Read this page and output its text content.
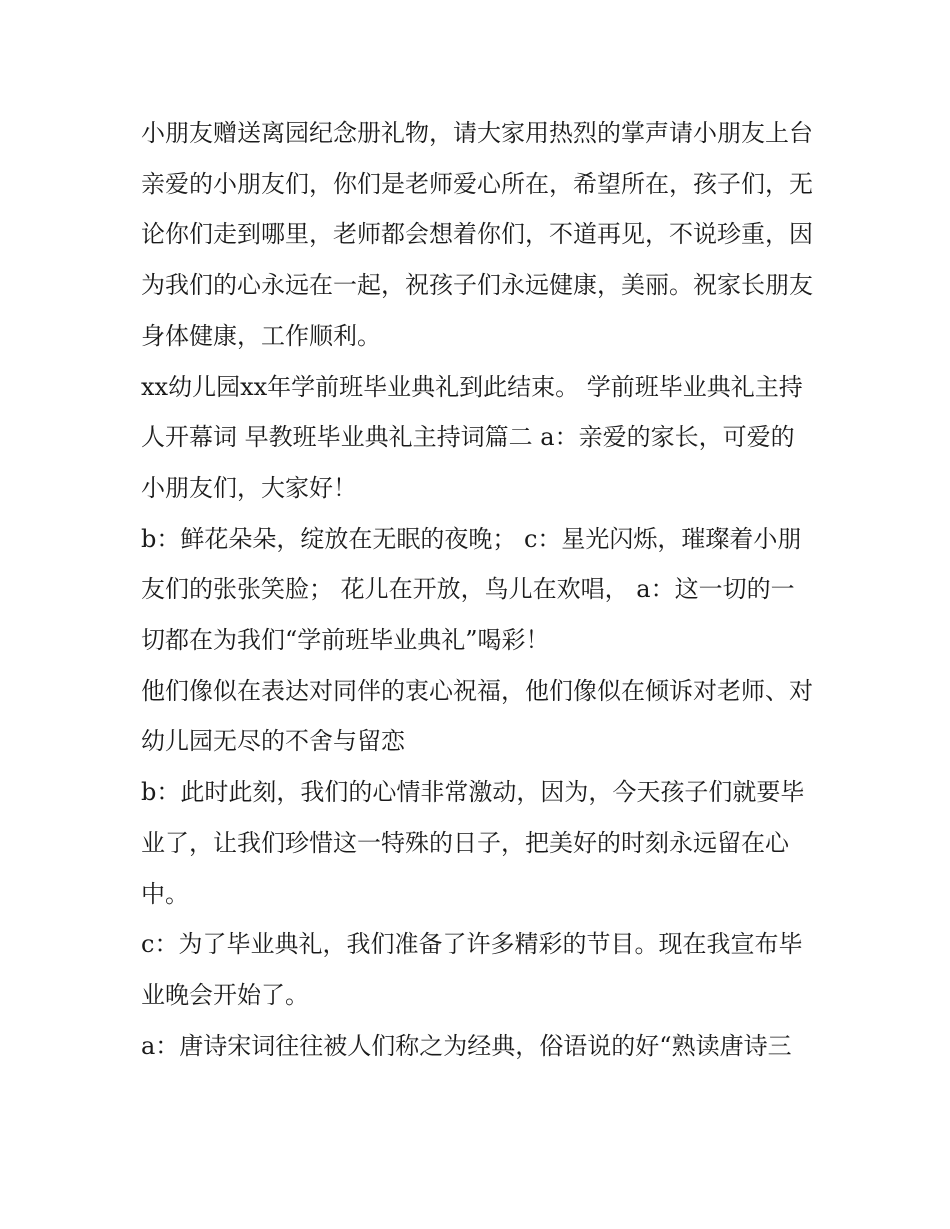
小朋友赠送离园纪念册礼物，请大家用热烈的掌声请小朋友上台

亲爱的小朋友们，你们是老师爱心所在，希望所在，孩子们，无论你们走到哪里，老师都会想着你们，不道再见，不说珍重，因为我们的心永远在一起，祝孩子们永远健康，美丽。祝家长朋友身体健康，工作顺利。

xx幼儿园xx年学前班毕业典礼到此结束。 学前班毕业典礼主持人开幕词 早教班毕业典礼主持词篇二 a：亲爱的家长，可爱的小朋友们，大家好！

b：鲜花朵朵，绽放在无眠的夜晚； c：星光闪烁，璀璨着小朋友们的张张笑脸； 花儿在开放，鸟儿在欢唱， a：这一切的一切都在为我们“学前班毕业典礼”喝彩！

他们像似在表达对同伴的衷心祝福，他们像似在倾诉对老师、对幼儿园无尽的不舍与留恋

b：此时此刻，我们的心情非常激动，因为，今天孩子们就要毕业了，让我们珍惜这一特殊的日子，把美好的时刻永远留在心中。

c：为了毕业典礼，我们准备了许多精彩的节目。现在我宣布毕业晚会开始了。

a：唐诗宋词往往被人们称之为经典，俗语说的好“熟读唐诗三
